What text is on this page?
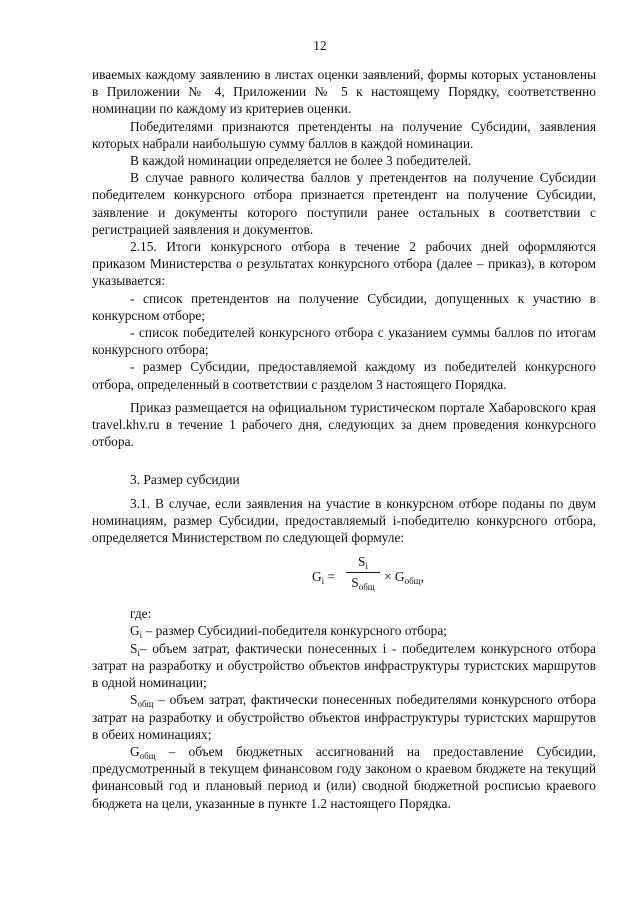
12

иваемых каждому заявлению в листах оценки заявлений, формы которых установлены в Приложении № 4, Приложении № 5 к настоящему Порядку, соответственно номинации по каждому из критериев оценки.

Победителями признаются претенденты на получение Субсидии, заявления которых набрали наибольшую сумму баллов в каждой номинации.

В каждой номинации определяется не более 3 победителей.

В случае равного количества баллов у претендентов на получение Субсидии победителем конкурсного отбора признается претендент на получение Субсидии, заявление и документы которого поступили ранее остальных в соответствии с регистрацией заявления и документов.

2.15. Итоги конкурсного отбора в течение 2 рабочих дней оформляются приказом Министерства о результатах конкурсного отбора (далее – приказ), в котором указывается:

- список претендентов на получение Субсидии, допущенных к участию в конкурсном отборе;

- список победителей конкурсного отбора с указанием суммы баллов по итогам конкурсного отбора;

- размер Субсидии, предоставляемой каждому из победителей конкурсного отбора, определенный в соответствии с разделом 3 настоящего Порядка.

Приказ размещается на официальном туристическом портале Хабаровского края travel.khv.ru в течение 1 рабочего дня, следующих за днем проведения конкурсного отбора.

3. Размер субсидии

3.1. В случае, если заявления на участие в конкурсном отборе поданы по двум номинациям, размер Субсидии, предоставляемый i-победителю конкурсного отбора, определяется Министерством по следующей формуле:

$G_i$ =
$S_i$
$S_{общ}$
× $G_{общ}$,

где:

$G_i$ – размер Субсидииi-победителя конкурсного отбора;

$S_i-$ объем затрат, фактически понесенных i - победителем конкурсного отбора затрат на разработку и обустройство объектов инфраструктуры туристских маршрутов в одной номинации;

$S_{общ}$ – объем затрат, фактически понесенных победителями конкурсного отбора затрат на разработку и обустройство объектов инфраструктуры туристских маршрутов в обеих номинациях;

$G_{общ}$ – объем бюджетных ассигнований на предоставление Субсидии, предусмотренный в текущем финансовом году законом о краевом бюджете на текущий финансовый год и плановый период и (или) сводной бюджетной росписью краевого бюджета на цели, указанные в пункте 1.2 настоящего Порядка.
